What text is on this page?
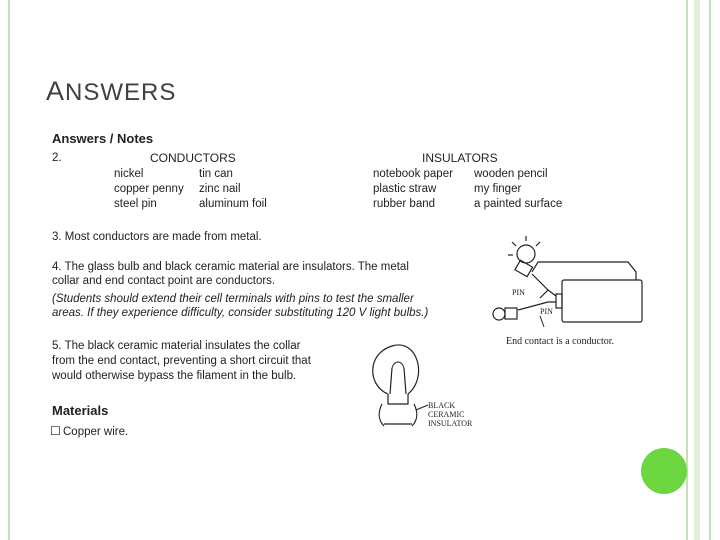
ANSWERS
Answers / Notes
2.	CONDUCTORS
nickel
copper penny
steel pin
tin can
zinc nail
aluminum foil
INSULATORS
notebook paper
plastic straw
rubber band
wooden pencil
my finger
a painted surface
3. Most conductors are made from metal.
4. The glass bulb and black ceramic material are insulators. The metal
collar and end contact point are conductors.
(Students should extend their cell terminals with pins to test the smaller
areas. If they experience difficulty, consider substituting 120 V light bulbs.)
5. The black ceramic material insulates the collar
from the end contact, preventing a short circuit that
would otherwise bypass the filament in the bulb.
Materials
☐ Copper wire.
PIN
PIN
End contact is a conductor.
BLACK
CERAMIC
INSULATOR
